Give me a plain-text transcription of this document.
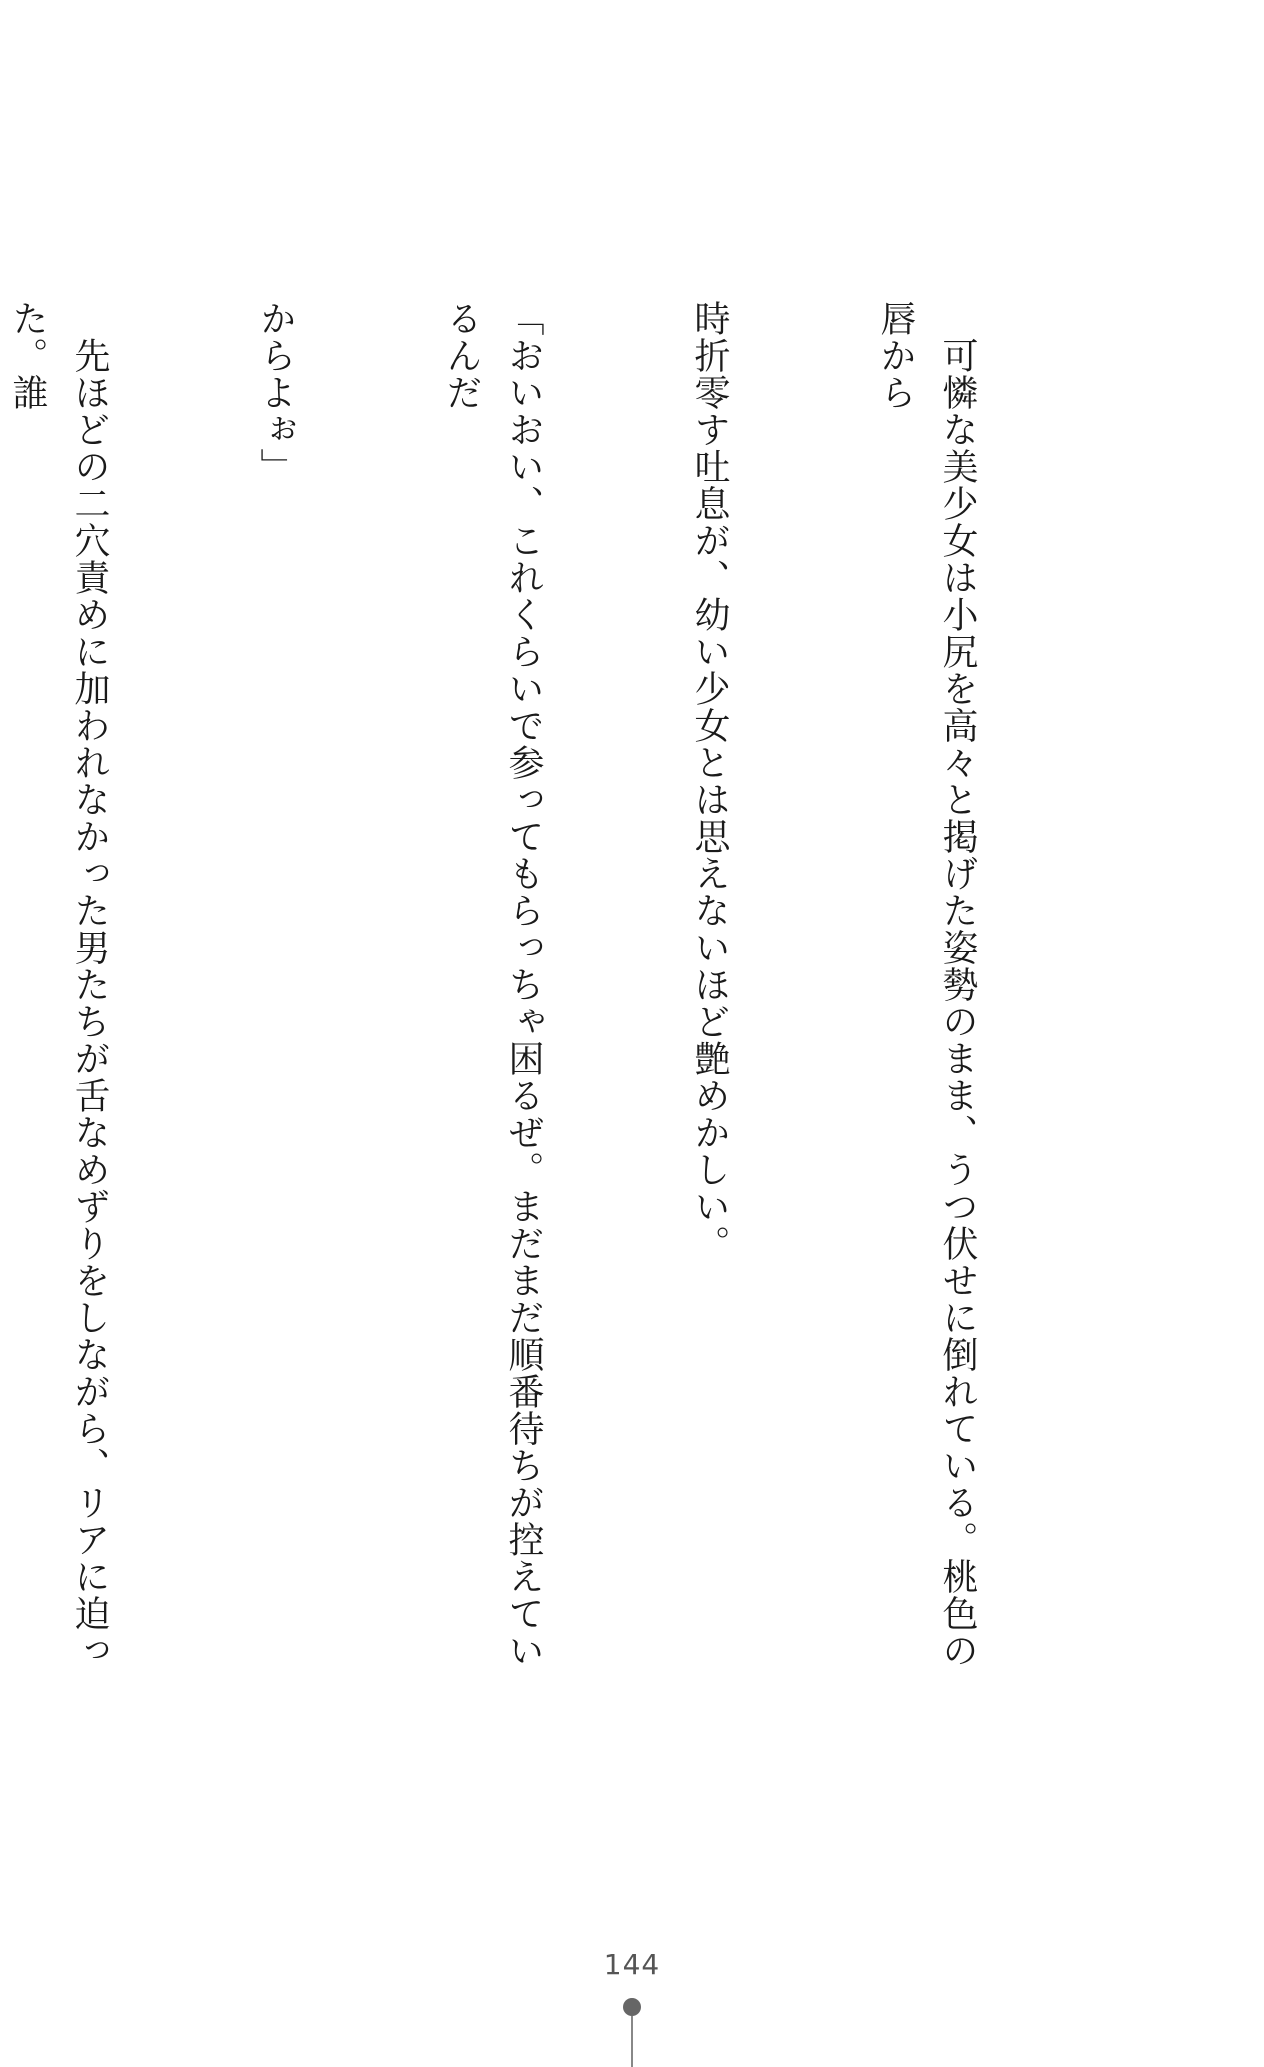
　可憐な美少女は小尻を高々と掲げた姿勢のまま、うつ伏せに倒れている。桃色の唇から

時折零す吐息が、幼い少女とは思えないほど艶めかしい。

「おいおい、これくらいで参ってもらっちゃ困るぜ。まだまだ順番待ちが控えているんだ

からよぉ」

　先ほどの二穴責めに加われなかった男たちが舌なめずりをしながら、リアに迫った。誰

144
